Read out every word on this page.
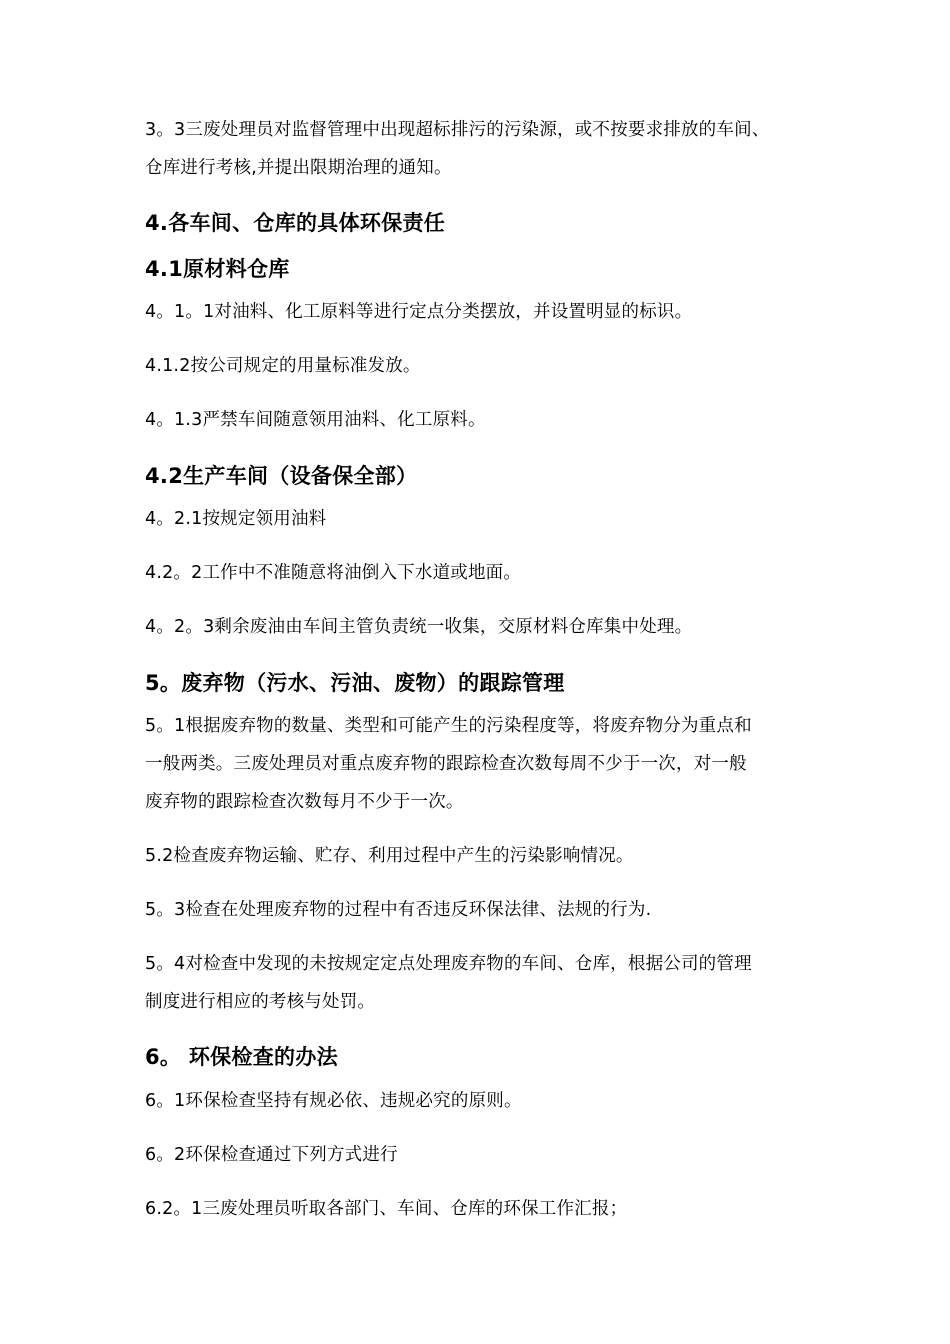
3。3三废处理员对监督管理中出现超标排污的污染源，或不按要求排放的车间、
仓库进行考核,并提出限期治理的通知。
4.各车间、仓库的具体环保责任
4.1原材料仓库
4。1。1对油料、化工原料等进行定点分类摆放，并设置明显的标识。
4.1.2按公司规定的用量标准发放。
4。1.3严禁车间随意领用油料、化工原料。
4.2生产车间（设备保全部）
4。2.1按规定领用油料
4.2。2工作中不准随意将油倒入下水道或地面。
4。2。3剩余废油由车间主管负责统一收集，交原材料仓库集中处理。
5。废弃物（污水、污油、废物）的跟踪管理
5。1根据废弃物的数量、类型和可能产生的污染程度等，将废弃物分为重点和
一般两类。三废处理员对重点废弃物的跟踪检查次数每周不少于一次，对一般
废弃物的跟踪检查次数每月不少于一次。
5.2检查废弃物运输、贮存、利用过程中产生的污染影响情况。
5。3检查在处理废弃物的过程中有否违反环保法律、法规的行为.
5。4对检查中发现的未按规定定点处理废弃物的车间、仓库，根据公司的管理
制度进行相应的考核与处罚。
6。 环保检查的办法
6。1环保检查坚持有规必依、违规必究的原则。
6。2环保检查通过下列方式进行
6.2。1三废处理员听取各部门、车间、仓库的环保工作汇报；
